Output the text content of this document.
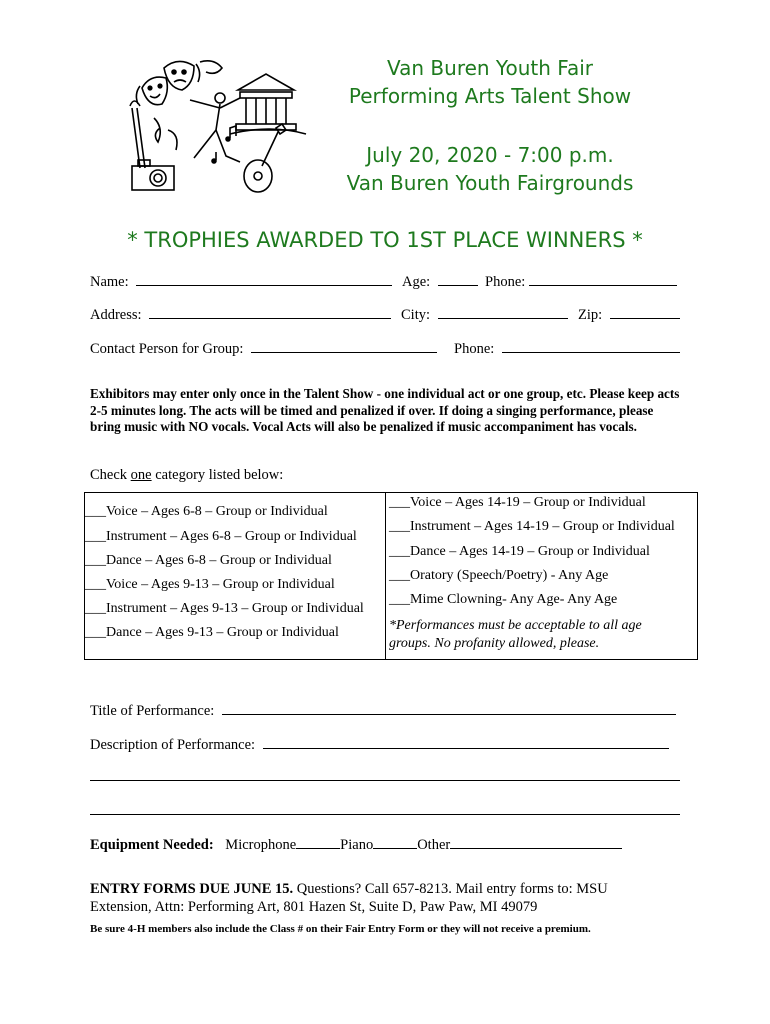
Van Buren Youth Fair
Performing Arts Talent Show
July 20, 2020 - 7:00 p.m.
Van Buren Youth Fairgrounds
* TROPHIES AWARDED TO 1ST PLACE WINNERS *
Name:	Age:	Phone:
Address:	City:	Zip:
Contact Person for Group:	Phone:
Exhibitors may enter only once in the Talent Show - one individual act or one group, etc. Please keep acts 2-5 minutes long. The acts will be timed and penalized if over. If doing a singing performance, please bring music with NO vocals. Vocal Acts will also be penalized if music accompaniment has vocals.
Check one category listed below:
___Voice – Ages 6-8 – Group or Individual
___Instrument – Ages 6-8 – Group or Individual
___Dance – Ages 6-8 – Group or Individual
___Voice – Ages 9-13 – Group or Individual
___Instrument – Ages 9-13 – Group or Individual
___Dance – Ages 9-13 – Group or Individual
___Voice – Ages 14-19 – Group or Individual
___Instrument – Ages 14-19 – Group or Individual
___Dance – Ages 14-19 – Group or Individual
___Oratory (Speech/Poetry) - Any Age
___Mime Clowning- Any Age- Any Age
*Performances must be acceptable to all age
groups. No profanity allowed, please.
Title of Performance:
Description of Performance:
Equipment Needed: Microphone	Piano	Other
ENTRY FORMS DUE JUNE 15. Questions? Call 657-8213. Mail entry forms to: MSU
Extension, Attn: Performing Art, 801 Hazen St, Suite D, Paw Paw, MI 49079
Be sure 4-H members also include the Class # on their Fair Entry Form or they will not receive a premium.
